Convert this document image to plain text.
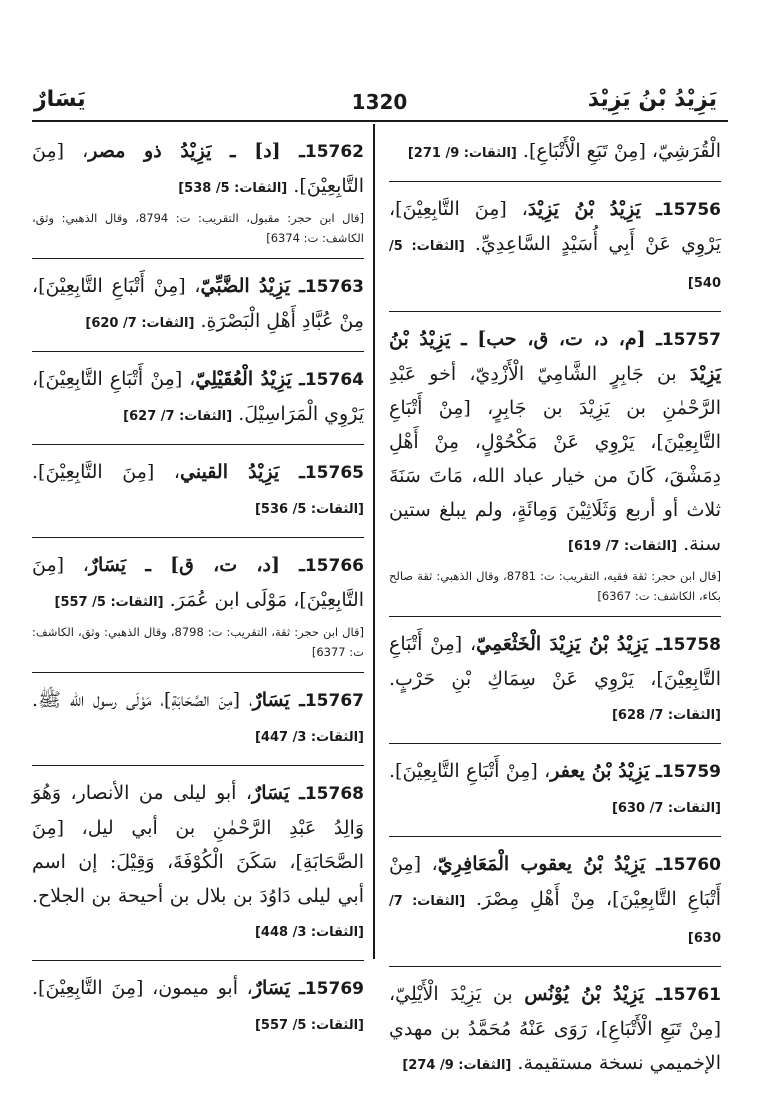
يَزِيْدُ بْنُ يَزِيْدَ
1320
يَسَارٌ

الْقُرَشِيّ، [مِنْ تَبَعِ الْأَتْبَاعِ]. [الثقات: 9/ 271]

15756ـ يَزِيْدُ بْنُ يَزِيْدَ، [مِنَ التَّابِعِيْنَ]، يَرْوِي عَنْ أَبِي أُسَيْدٍ السَّاعِدِيِّ. [الثقات: 5/ 540]

15757ـ [م، د، ت، ق، حب] ـ يَزِيْدُ بْنُ يَزِيْدَ بن جَابِرٍ الشَّامِيّ الْأَزْدِيّ، أخو عَبْدِ الرَّحْمٰنِ بن يَزِيْدَ بن جَابِرٍ، [مِنْ أَتْبَاعِ التَّابِعِيْنَ]، يَرْوِي عَنْ مَكْحُوْلٍ، مِنْ أَهْلِ دِمَشْقَ، كَانَ من خيار عباد الله، مَاتَ سَنَةَ ثلاث أو أربع وَثَلَاثِيْنَ وَمِائَةٍ، ولم يبلغ ستين سنة. [الثقات: 7/ 619]

[قال ابن حجر: ثقة فقيه، التقريب: ت: 8781، وقال الذهبي: ثقة صالح بكاء، الكاشف: ت: 6367]

15758ـ يَزِيْدُ بْنُ يَزِيْدَ الْخَثْعَمِيّ، [مِنْ أَتْبَاعِ التَّابِعِيْنَ]، يَرْوِي عَنْ سِمَاكِ بْنِ حَرْبٍ. [الثقات: 7/ 628]

15759ـ يَزِيْدُ بْنُ يعفر، [مِنْ أَتْبَاعِ التَّابِعِيْنَ]. [الثقات: 7/ 630]

15760ـ يَزِيْدُ بْنُ يعقوب الْمَعَافِرِيّ، [مِنْ أَتْبَاعِ التَّابِعِيْنَ]، مِنْ أَهْلِ مِصْرَ. [الثقات: 7/ 630]

15761ـ يَزِيْدُ بْنُ يُوْنُس بن يَزِيْدَ الْأَيْلِيّ، [مِنْ تَبَعِ الْأَتْبَاعِ]، رَوَى عَنْهُ مُحَمَّدُ بن مهدي الإخميمي نسخة مستقيمة. [الثقات: 9/ 274]

15762ـ [د] ـ يَزِيْدُ ذو مصر، [مِنَ التَّابِعِيْنَ]. [الثقات: 5/ 538]

[قال ابن حجر: مقبول، التقريب: ت: 8794، وقال الذهبي: وثق، الكاشف: ت: 6374]

15763ـ يَزِيْدُ الضَّبِّيّ، [مِنْ أَتْبَاعِ التَّابِعِيْنَ]، مِنْ عُبَّادِ أَهْلِ الْبَصْرَةِ. [الثقات: 7/ 620]

15764ـ يَزِيْدُ الْعُقَيْلِيّ، [مِنْ أَتْبَاعِ التَّابِعِيْنَ]، يَرْوِي الْمَرَاسِيْلَ. [الثقات: 7/ 627]

15765ـ يَزِيْدُ القيني، [مِنَ التَّابِعِيْنَ]. [الثقات: 5/ 536]

15766ـ [د، ت، ق] ـ يَسَارٌ، [مِنَ التَّابِعِيْنَ]، مَوْلَى ابن عُمَرَ. [الثقات: 5/ 557]

[قال ابن حجر: ثقة، التقريب: ت: 8798، وقال الذهبي: وثق، الكاشف: ت: 6377]

15767ـ يَسَارٌ، [مِنَ الصَّحَابَةِ]، مَوْلَى رسول الله ﷺ. [الثقات: 3/ 447]

15768ـ يَسَارٌ، أبو ليلى من الأنصار، وَهُوَ وَالِدُ عَبْدِ الرَّحْمٰنِ بن أبي ليل، [مِنَ الصَّحَابَةِ]، سَكَنَ الْكُوْفَةَ، وَقِيْلَ: إن اسم أبي ليلى دَاوُدَ بن بلال بن أحيحة بن الجلاح. [الثقات: 3/ 448]

15769ـ يَسَارٌ، أبو ميمون، [مِنَ التَّابِعِيْنَ]. [الثقات: 5/ 557]
